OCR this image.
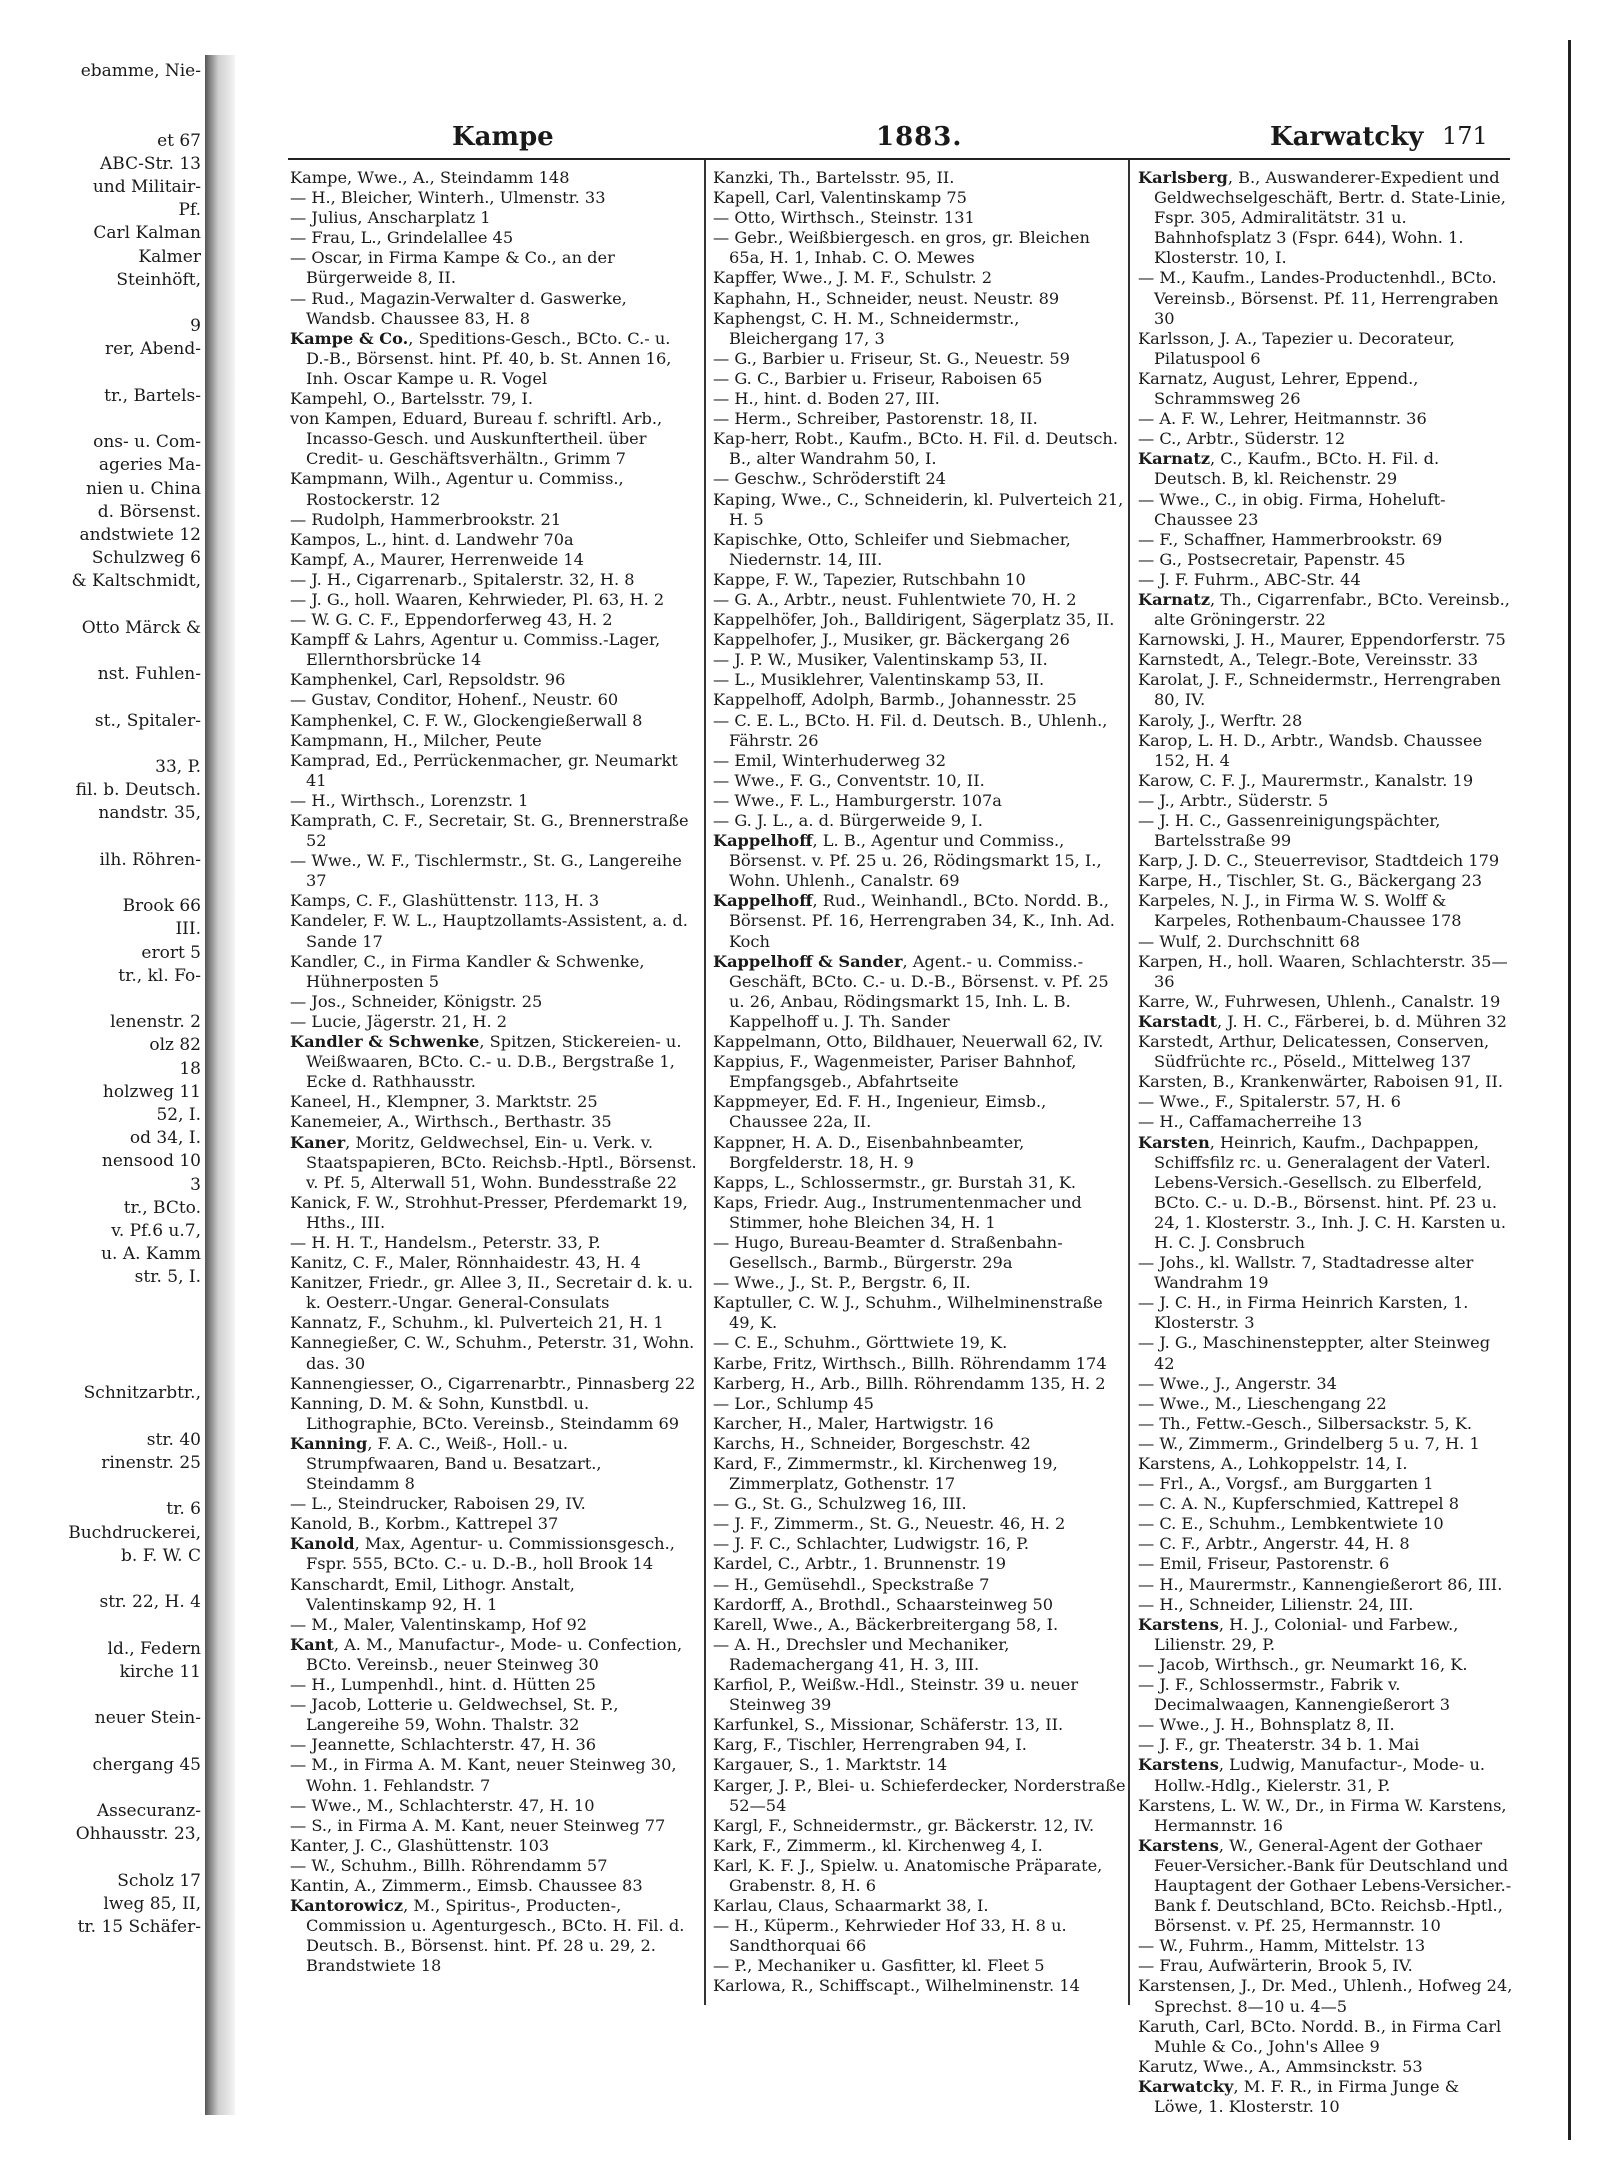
ebamme, Nie-
et 67
ABC-Str. 13
und Militair-
Pf.
Carl Kalman
Kalmer
Steinhöft,
9
rer, Abend-
tr., Bartels-
ons- u. Com-
ageries Ma-
nien u. China
d. Börsenst.
andstwiete 12
Schulzweg 6
& Kaltschmidt,
Otto Märck &
nst. Fuhlen-
st., Spitaler-
33, P.
fil. b. Deutsch.
nandstr. 35,
ilh. Röhren-
Brook 66
III.
erort 5
tr., kl. Fo-
lenenstr. 2
olz 82
18
holzweg 11
52, I.
od 34, I.
nensood 10
3
tr., BCto.
v. Pf.6 u.7,
u. A. Kamm
str. 5, I.
Schnitzarbtr.,
str. 40
rinenstr. 25
tr. 6
Buchdruckerei,
b. F. W. C
str. 22, H. 4
ld., Federn
kirche 11
neuer Stein-
chergang 45
Assecuranz-
Ohhausstr. 23,
Scholz 17
lweg 85, II,
tr. 15 Schäfer-
Kampe	1883.	Karwatcky 171

Kampe, Wwe., A., Steindamm 148

— H., Bleicher, Winterh., Ulmenstr. 33

— Julius, Anscharplatz 1

— Frau, L., Grindelallee 45

— Oscar, in Firma Kampe & Co., an der Bürgerweide 8, II.

— Rud., Magazin-Verwalter d. Gaswerke, Wandsb. Chaussee 83, H. 8

Kampe & Co., Speditions-Gesch., BCto. C.- u. D.-B., Börsenst. hint. Pf. 40, b. St. Annen 16, Inh. Oscar Kampe u. R. Vogel

Kampehl, O., Bartelsstr. 79, I.

von Kampen, Eduard, Bureau f. schriftl. Arb., Incasso-Gesch. und Auskunftertheil. über Credit- u. Geschäftsverhältn., Grimm 7

Kampmann, Wilh., Agentur u. Commiss., Rostockerstr. 12

— Rudolph, Hammerbrookstr. 21

Kampos, L., hint. d. Landwehr 70a

Kampf, A., Maurer, Herrenweide 14

— J. H., Cigarrenarb., Spitalerstr. 32, H. 8

— J. G., holl. Waaren, Kehrwieder, Pl. 63, H. 2

— W. G. C. F., Eppendorferweg 43, H. 2

Kampff & Lahrs, Agentur u. Commiss.-Lager, Ellernthorsbrücke 14

Kamphenkel, Carl, Repsoldstr. 96

— Gustav, Conditor, Hohenf., Neustr. 60

Kamphenkel, C. F. W., Glockengießerwall 8

Kampmann, H., Milcher, Peute

Kamprad, Ed., Perrückenmacher, gr. Neumarkt 41

— H., Wirthsch., Lorenzstr. 1

Kamprath, C. F., Secretair, St. G., Brennerstraße 52

— Wwe., W. F., Tischlermstr., St. G., Langereihe 37

Kamps, C. F., Glashüttenstr. 113, H. 3

Kandeler, F. W. L., Hauptzollamts-Assistent, a. d. Sande 17

Kandler, C., in Firma Kandler & Schwenke, Hühnerposten 5

— Jos., Schneider, Königstr. 25

— Lucie, Jägerstr. 21, H. 2

Kandler & Schwenke, Spitzen, Stickereien- u. Weißwaaren, BCto. C.- u. D.B., Bergstraße 1, Ecke d. Rathhausstr.

Kaneel, H., Klempner, 3. Marktstr. 25

Kanemeier, A., Wirthsch., Berthastr. 35

Kaner, Moritz, Geldwechsel, Ein- u. Verk. v. Staatspapieren, BCto. Reichsb.-Hptl., Börsenst. v. Pf. 5, Alterwall 51, Wohn. Bundesstraße 22

Kanick, F. W., Strohhut-Presser, Pferdemarkt 19, Hths., III.

— H. H. T., Handelsm., Peterstr. 33, P.

Kanitz, C. F., Maler, Rönnhaidestr. 43, H. 4

Kanitzer, Friedr., gr. Allee 3, II., Secretair d. k. u. k. Oesterr.-Ungar. General-Consulats

Kannatz, F., Schuhm., kl. Pulverteich 21, H. 1

Kannegießer, C. W., Schuhm., Peterstr. 31, Wohn. das. 30

Kannengiesser, O., Cigarrenarbtr., Pinnasberg 22

Kanning, D. M. & Sohn, Kunstbdl. u. Lithographie, BCto. Vereinsb., Steindamm 69

Kanning, F. A. C., Weiß-, Holl.- u. Strumpfwaaren, Band u. Besatzart., Steindamm 8

— L., Steindrucker, Raboisen 29, IV.

Kanold, B., Korbm., Kattrepel 37

Kanold, Max, Agentur- u. Commissionsgesch., Fspr. 555, BCto. C.- u. D.-B., holl Brook 14

Kanschardt, Emil, Lithogr. Anstalt, Valentinskamp 92, H. 1

— M., Maler, Valentinskamp, Hof 92

Kant, A. M., Manufactur-, Mode- u. Confection, BCto. Vereinsb., neuer Steinweg 30

— H., Lumpenhdl., hint. d. Hütten 25

— Jacob, Lotterie u. Geldwechsel, St. P., Langereihe 59, Wohn. Thalstr. 32

— Jeannette, Schlachterstr. 47, H. 36

— M., in Firma A. M. Kant, neuer Steinweg 30, Wohn. 1. Fehlandstr. 7

— Wwe., M., Schlachterstr. 47, H. 10

— S., in Firma A. M. Kant, neuer Steinweg 77

Kanter, J. C., Glashüttenstr. 103

— W., Schuhm., Billh. Röhrendamm 57

Kantin, A., Zimmerm., Eimsb. Chaussee 83

Kantorowicz, M., Spiritus-, Producten-, Commission u. Agenturgesch., BCto. H. Fil. d. Deutsch. B., Börsenst. hint. Pf. 28 u. 29, 2. Brandstwiete 18

Kanzki, Th., Bartelsstr. 95, II.

Kapell, Carl, Valentinskamp 75

— Otto, Wirthsch., Steinstr. 131

— Gebr., Weißbiergesch. en gros, gr. Bleichen 65a, H. 1, Inhab. C. O. Mewes

Kapffer, Wwe., J. M. F., Schulstr. 2

Kaphahn, H., Schneider, neust. Neustr. 89

Kaphengst, C. H. M., Schneidermstr., Bleichergang 17, 3

— G., Barbier u. Friseur, St. G., Neuestr. 59

— G. C., Barbier u. Friseur, Raboisen 65

— H., hint. d. Boden 27, III.

— Herm., Schreiber, Pastorenstr. 18, II.

Kap-herr, Robt., Kaufm., BCto. H. Fil. d. Deutsch. B., alter Wandrahm 50, I.

— Geschw., Schröderstift 24

Kaping, Wwe., C., Schneiderin, kl. Pulverteich 21, H. 5

Kapischke, Otto, Schleifer und Siebmacher, Niedernstr. 14, III.

Kappe, F. W., Tapezier, Rutschbahn 10

— G. A., Arbtr., neust. Fuhlentwiete 70, H. 2

Kappelhöfer, Joh., Balldirigent, Sägerplatz 35, II.

Kappelhofer, J., Musiker, gr. Bäckergang 26

— J. P. W., Musiker, Valentinskamp 53, II.

— L., Musiklehrer, Valentinskamp 53, II.

Kappelhoff, Adolph, Barmb., Johannesstr. 25

— C. E. L., BCto. H. Fil. d. Deutsch. B., Uhlenh., Fährstr. 26

— Emil, Winterhuderweg 32

— Wwe., F. G., Conventstr. 10, II.

— Wwe., F. L., Hamburgerstr. 107a

— G. J. L., a. d. Bürgerweide 9, I.

Kappelhoff, L. B., Agentur und Commiss., Börsenst. v. Pf. 25 u. 26, Rödingsmarkt 15, I., Wohn. Uhlenh., Canalstr. 69

Kappelhoff, Rud., Weinhandl., BCto. Nordd. B., Börsenst. Pf. 16, Herrengraben 34, K., Inh. Ad. Koch

Kappelhoff & Sander, Agent.- u. Commiss.-Geschäft, BCto. C.- u. D.-B., Börsenst. v. Pf. 25 u. 26, Anbau, Rödingsmarkt 15, Inh. L. B. Kappelhoff u. J. Th. Sander

Kappelmann, Otto, Bildhauer, Neuerwall 62, IV.

Kappius, F., Wagenmeister, Pariser Bahnhof, Empfangsgeb., Abfahrtseite

Kappmeyer, Ed. F. H., Ingenieur, Eimsb., Chaussee 22a, II.

Kappner, H. A. D., Eisenbahnbeamter, Borgfelderstr. 18, H. 9

Kapps, L., Schlossermstr., gr. Burstah 31, K.

Kaps, Friedr. Aug., Instrumentenmacher und Stimmer, hohe Bleichen 34, H. 1

— Hugo, Bureau-Beamter d. Straßenbahn-Gesellsch., Barmb., Bürgerstr. 29a

— Wwe., J., St. P., Bergstr. 6, II.

Kaptuller, C. W. J., Schuhm., Wilhelminenstraße 49, K.

— C. E., Schuhm., Görttwiete 19, K.

Karbe, Fritz, Wirthsch., Billh. Röhrendamm 174

Karberg, H., Arb., Billh. Röhrendamm 135, H. 2

— Lor., Schlump 45

Karcher, H., Maler, Hartwigstr. 16

Karchs, H., Schneider, Borgeschstr. 42

Kard, F., Zimmermstr., kl. Kirchenweg 19, Zimmerplatz, Gothenstr. 17

— G., St. G., Schulzweg 16, III.

— J. F., Zimmerm., St. G., Neuestr. 46, H. 2

— J. F. C., Schlachter, Ludwigstr. 16, P.

Kardel, C., Arbtr., 1. Brunnenstr. 19

— H., Gemüsehdl., Speckstraße 7

Kardorff, A., Brothdl., Schaarsteinweg 50

Karell, Wwe., A., Bäckerbreitergang 58, I.

— A. H., Drechsler und Mechaniker, Rademachergang 41, H. 3, III.

Karfiol, P., Weißw.-Hdl., Steinstr. 39 u. neuer Steinweg 39

Karfunkel, S., Missionar, Schäferstr. 13, II.

Karg, F., Tischler, Herrengraben 94, I.

Kargauer, S., 1. Marktstr. 14

Karger, J. P., Blei- u. Schieferdecker, Norderstraße 52—54

Kargl, F., Schneidermstr., gr. Bäckerstr. 12, IV.

Kark, F., Zimmerm., kl. Kirchenweg 4, I.

Karl, K. F. J., Spielw. u. Anatomische Präparate, Grabenstr. 8, H. 6

Karlau, Claus, Schaarmarkt 38, I.

— H., Küperm., Kehrwieder Hof 33, H. 8 u. Sandthorquai 66

— P., Mechaniker u. Gasfitter, kl. Fleet 5

Karlowa, R., Schiffscapt., Wilhelminenstr. 14

Karlsberg, B., Auswanderer-Expedient und Geldwechselgeschäft, Bertr. d. State-Linie, Fspr. 305, Admiralitätstr. 31 u. Bahnhofsplatz 3 (Fspr. 644), Wohn. 1. Klosterstr. 10, I.

— M., Kaufm., Landes-Productenhdl., BCto. Vereinsb., Börsenst. Pf. 11, Herrengraben 30

Karlsson, J. A., Tapezier u. Decorateur, Pilatuspool 6

Karnatz, August, Lehrer, Eppend., Schrammsweg 26

— A. F. W., Lehrer, Heitmannstr. 36

— C., Arbtr., Süderstr. 12

Karnatz, C., Kaufm., BCto. H. Fil. d. Deutsch. B, kl. Reichenstr. 29

— Wwe., C., in obig. Firma, Hoheluft-Chaussee 23

— F., Schaffner, Hammerbrookstr. 69

— G., Postsecretair, Papenstr. 45

— J. F. Fuhrm., ABC-Str. 44

Karnatz, Th., Cigarrenfabr., BCto. Vereinsb., alte Gröningerstr. 22

Karnowski, J. H., Maurer, Eppendorferstr. 75

Karnstedt, A., Telegr.-Bote, Vereinsstr. 33

Karolat, J. F., Schneidermstr., Herrengraben 80, IV.

Karoly, J., Werftr. 28

Karop, L. H. D., Arbtr., Wandsb. Chaussee 152, H. 4

Karow, C. F. J., Maurermstr., Kanalstr. 19

— J., Arbtr., Süderstr. 5

— J. H. C., Gassenreinigungspächter, Bartelsstraße 99

Karp, J. D. C., Steuerrevisor, Stadtdeich 179

Karpe, H., Tischler, St. G., Bäckergang 23

Karpeles, N. J., in Firma W. S. Wolff & Karpeles, Rothenbaum-Chaussee 178

— Wulf, 2. Durchschnitt 68

Karpen, H., holl. Waaren, Schlachterstr. 35—36

Karre, W., Fuhrwesen, Uhlenh., Canalstr. 19

Karstadt, J. H. C., Färberei, b. d. Mühren 32

Karstedt, Arthur, Delicatessen, Conserven, Südfrüchte rc., Pöseld., Mittelweg 137

Karsten, B., Krankenwärter, Raboisen 91, II.

— Wwe., F., Spitalerstr. 57, H. 6

— H., Caffamacherreihe 13

Karsten, Heinrich, Kaufm., Dachpappen, Schiffsfilz rc. u. Generalagent der Vaterl. Lebens-Versich.-Gesellsch. zu Elberfeld, BCto. C.- u. D.-B., Börsenst. hint. Pf. 23 u. 24, 1. Klosterstr. 3., Inh. J. C. H. Karsten u. H. C. J. Consbruch

— Johs., kl. Wallstr. 7, Stadtadresse alter Wandrahm 19

— J. C. H., in Firma Heinrich Karsten, 1. Klosterstr. 3

— J. G., Maschinensteppter, alter Steinweg 42

— Wwe., J., Angerstr. 34

— Wwe., M., Lieschengang 22

— Th., Fettw.-Gesch., Silbersackstr. 5, K.

— W., Zimmerm., Grindelberg 5 u. 7, H. 1

Karstens, A., Lohkoppelstr. 14, I.

— Frl., A., Vorgsf., am Burggarten 1

— C. A. N., Kupferschmied, Kattrepel 8

— C. E., Schuhm., Lembkentwiete 10

— C. F., Arbtr., Angerstr. 44, H. 8

— Emil, Friseur, Pastorenstr. 6

— H., Maurermstr., Kannengießerort 86, III.

— H., Schneider, Lilienstr. 24, III.

Karstens, H. J., Colonial- und Farbew., Lilienstr. 29, P.

— Jacob, Wirthsch., gr. Neumarkt 16, K.

— J. F., Schlossermstr., Fabrik v. Decimalwaagen, Kannengießerort 3

— Wwe., J. H., Bohnsplatz 8, II.

— J. F., gr. Theaterstr. 34 b. 1. Mai

Karstens, Ludwig, Manufactur-, Mode- u. Hollw.-Hdlg., Kielerstr. 31, P.

Karstens, L. W. W., Dr., in Firma W. Karstens, Hermannstr. 16

Karstens, W., General-Agent der Gothaer Feuer-Versicher.-Bank für Deutschland und Hauptagent der Gothaer Lebens-Versicher.-Bank f. Deutschland, BCto. Reichsb.-Hptl., Börsenst. v. Pf. 25, Hermannstr. 10

— W., Fuhrm., Hamm, Mittelstr. 13

— Frau, Aufwärterin, Brook 5, IV.

Karstensen, J., Dr. Med., Uhlenh., Hofweg 24, Sprechst. 8—10 u. 4—5

Karuth, Carl, BCto. Nordd. B., in Firma Carl Muhle & Co., John's Allee 9

Karutz, Wwe., A., Ammsinckstr. 53

Karwatcky, M. F. R., in Firma Junge & Löwe, 1. Klosterstr. 10
